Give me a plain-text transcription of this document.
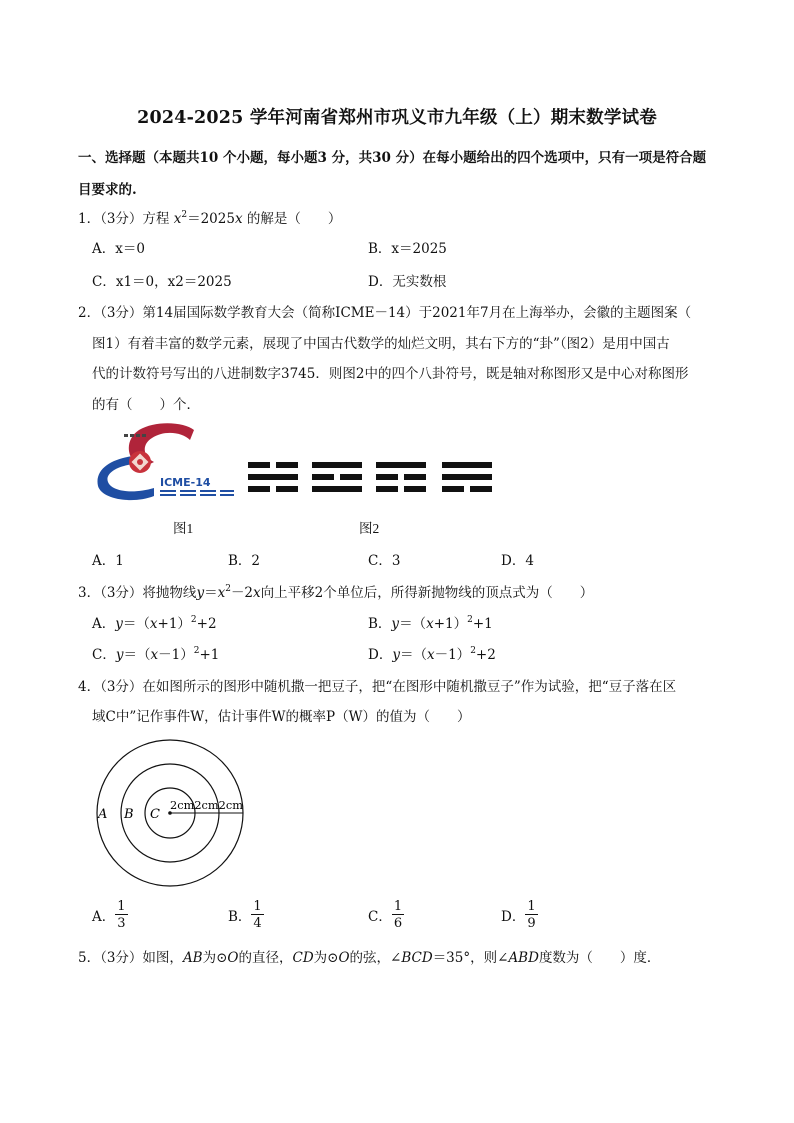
2024-2025 学年河南省郑州市巩义市九年级（上）期末数学试卷
一、选择题（本题共10 个小题，每小题3 分，共30 分）在每小题给出的四个选项中，只有一项是符合题
目要求的.
1．（3分）方程 $x^2=2025x$ 的解是（　　）
A．x＝0	B．x＝2025
C．x1＝0，x2＝2025	D．无实数根
2．（3分）第14届国际数学教育大会（简称ICME－14）于2021年7月在上海举办，会徽的主题图案（
图1）有着丰富的数学元素，展现了中国古代数学的灿烂文明，其右下方的“卦”（图2）是用中国古
代的计数符号写出的八进制数字3745．则图2中的四个八卦符号，既是轴对称图形又是中心对称图形
的有（　　）个．
ICME-14
图1	图2
A．1	B．2	C．3	D．4
3．（3分）将抛物线$y=x^2-2x$向上平移2个单位后，所得新抛物线的顶点式为（　　）
A．$y=(x+1)^2+2$	B．$y=(x+1)^2+1$
C．$y=(x-1)^2+1$	D．$y=(x-1)^2+2$
4．（3分）在如图所示的图形中随机撒一把豆子，把“在图形中随机撒豆子”作为试验，把“豆子落在区
域C中”记作事件W，估计事件W的概率P（W）的值为（　　）
A B C
2cm2cm2cm
A． $\frac{1}{3}$	B． $\frac{1}{4}$	C． $\frac{1}{6}$	D． $\frac{1}{9}$
5．（3分）如图，AB为⊙O的直径，CD为⊙O的弦，∠BCD＝35°，则∠ABD度数为（　　）度．
